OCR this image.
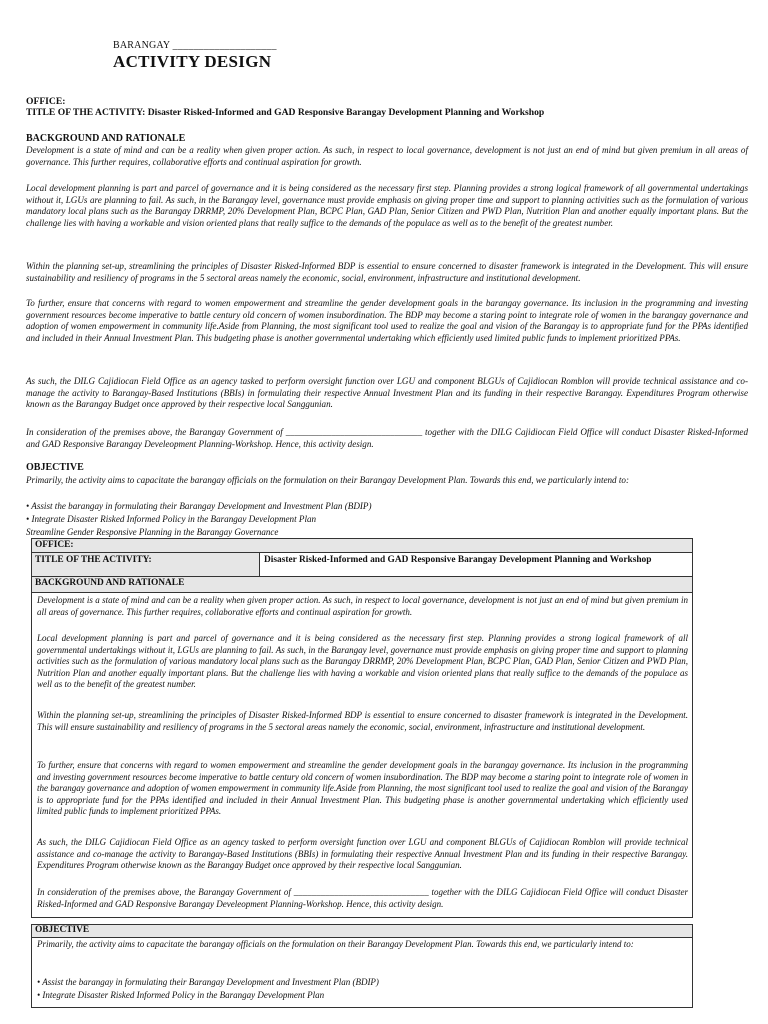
BARANGAY ____________________
ACTIVITY DESIGN
OFFICE:
TITLE OF THE ACTIVITY: Disaster Risked-Informed and GAD Responsive Barangay Development Planning and Workshop
BACKGROUND AND RATIONALE
Development is a state of mind and can be a reality when given proper action. As such, in respect to local governance, development is not just an end of mind but given premium in all areas of governance. This further requires, collaborative efforts and continual aspiration for growth.
Local development planning is part and parcel of governance and it is being considered as the necessary first step. Planning provides a strong logical framework of all governmental undertakings without it, LGUs are planning to fail. As such, in the Barangay level, governance must provide emphasis on giving proper time and support to planning activities such as the formulation of various mandatory local plans such as the Barangay DRRMP, 20% Development Plan, BCPC Plan, GAD Plan, Senior Citizen and PWD Plan, Nutrition Plan and another equally important plans. But the challenge lies with having a workable and vision oriented plans that really suffice to the demands of the populace as well as to the benefit of the greatest number.
Within the planning set-up, streamlining the principles of Disaster Risked-Informed BDP is essential to ensure concerned to disaster framework is integrated in the Development. This will ensure sustainability and resiliency of programs in the 5 sectoral areas namely the economic, social, environment, infrastructure and institutional development.
To further, ensure that concerns with regard to women empowerment and streamline the gender development goals in the barangay governance. Its inclusion in the programming and investing government resources become imperative to battle century old concern of women insubordination. The BDP may become a staring point to integrate role of women in the barangay governance and adoption of women empowerment in community life.Aside from Planning, the most significant tool used to realize the goal and vision of the Barangay is to appropriate fund for the PPAs identified and included in their Annual Investment Plan. This budgeting phase is another governmental undertaking which efficiently used limited public funds to implement prioritized PPAs.
As such, the DILG Cajidiocan Field Office as an agency tasked to perform oversight function over LGU and component BLGUs of Cajidiocan Romblon will provide technical assistance and co-manage the activity to Barangay-Based Institutions (BBIs) in formulating their respective Annual Investment Plan and its funding in their respective Barangay. Expenditures Program otherwise known as the Barangay Budget once approved by their respective local Sanggunian.
In consideration of the premises above, the Barangay Government of ______________________________ together with the DILG Cajidiocan Field Office will conduct Disaster Risked-Informed and GAD Responsive Barangay Develeopment Planning-Workshop. Hence, this activity design.
OBJECTIVE
Primarily, the activity aims to capacitate the barangay officials on the formulation on their Barangay Development Plan. Towards this end, we particularly intend to:
• Assist the barangay in formulating their Barangay Development and Investment Plan (BDIP)
• Integrate Disaster Risked Informed Policy in the Barangay Development Plan
Streamline Gender Responsive Planning in the Barangay Governance
OFFICE:
TITLE OF THE ACTIVITY:	Disaster Risked-Informed and GAD Responsive Barangay Development Planning and Workshop
BACKGROUND AND RATIONALE
Development is a state of mind and can be a reality when given proper action. As such, in respect to local governance, development is not just an end of mind but given premium in all areas of governance. This further requires, collaborative efforts and continual aspiration for growth.
Local development planning is part and parcel of governance and it is being considered as the necessary first step. Planning provides a strong logical framework of all governmental undertakings without it, LGUs are planning to fail. As such, in the Barangay level, governance must provide emphasis on giving proper time and support to planning activities such as the formulation of various mandatory local plans such as the Barangay DRRMP, 20% Development Plan, BCPC Plan, GAD Plan, Senior Citizen and PWD Plan, Nutrition Plan and another equally important plans. But the challenge lies with having a workable and vision oriented plans that really suffice to the demands of the populace as well as to the benefit of the greatest number.
Within the planning set-up, streamlining the principles of Disaster Risked-Informed BDP is essential to ensure concerned to disaster framework is integrated in the Development. This will ensure sustainability and resiliency of programs in the 5 sectoral areas namely the economic, social, environment, infrastructure and institutional development.
To further, ensure that concerns with regard to women empowerment and streamline the gender development goals in the barangay governance. Its inclusion in the programming and investing government resources become imperative to battle century old concern of women insubordination. The BDP may become a staring point to integrate role of women in the barangay governance and adoption of women empowerment in community life.Aside from Planning, the most significant tool used to realize the goal and vision of the Barangay is to appropriate fund for the PPAs identified and included in their Annual Investment Plan. This budgeting phase is another governmental undertaking which efficiently used limited public funds to implement prioritized PPAs.
As such, the DILG Cajidiocan Field Office as an agency tasked to perform oversight function over LGU and component BLGUs of Cajidiocan Romblon will provide technical assistance and co-manage the activity to Barangay-Based Institutions (BBIs) in formulating their respective Annual Investment Plan and its funding in their respective Barangay. Expenditures Program otherwise known as the Barangay Budget once approved by their respective local Sanggunian.
In consideration of the premises above, the Barangay Government of ______________________________ together with the DILG Cajidiocan Field Office will conduct Disaster Risked-Informed and GAD Responsive Barangay Develeopment Planning-Workshop. Hence, this activity design.
OBJECTIVE
Primarily, the activity aims to capacitate the barangay officials on the formulation on their Barangay Development Plan. Towards this end, we particularly intend to:
• Assist the barangay in formulating their Barangay Development and Investment Plan (BDIP)
• Integrate Disaster Risked Informed Policy in the Barangay Development Plan
